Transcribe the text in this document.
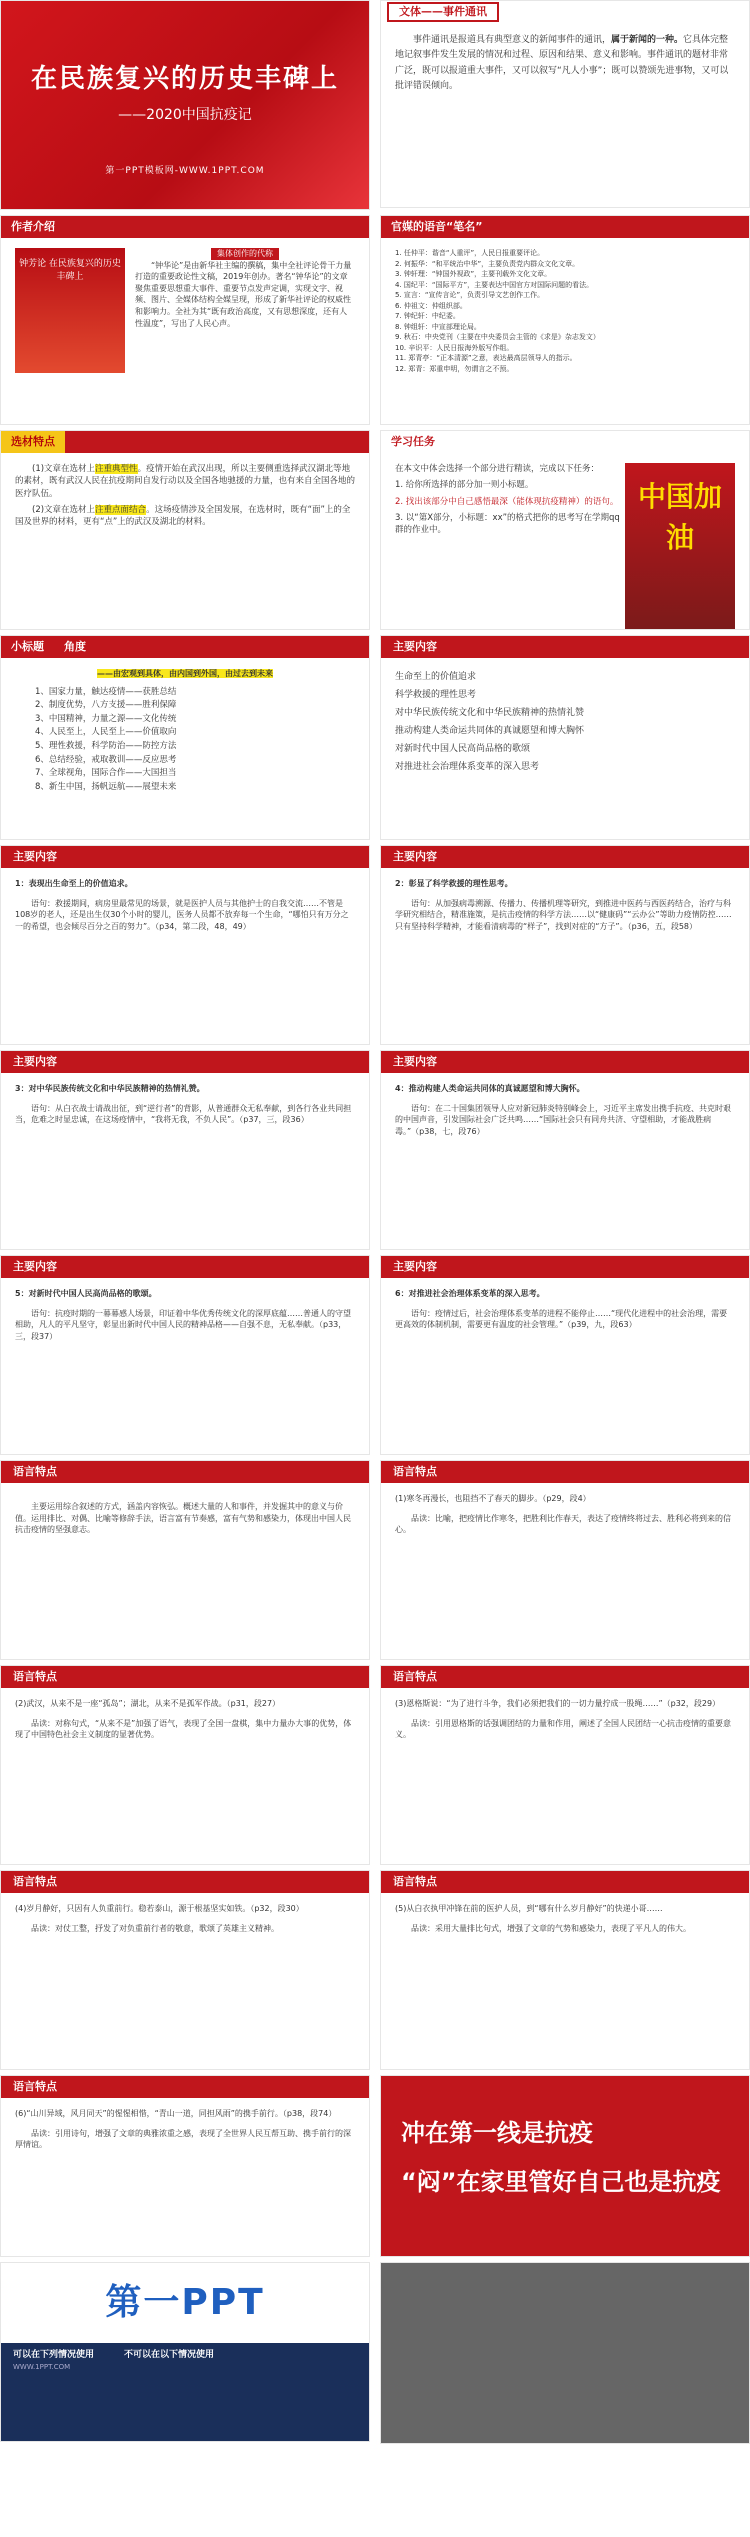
在民族复兴的历史丰碑上
——2020中国抗疫记
第一PPT模板网-WWW.1PPT.COM
文体——事件通讯

事件通讯是报道具有典型意义的新闻事件的通讯，属于新闻的一种。它具体完整地记叙事件发生发展的情况和过程、原因和结果、意义和影响。事件通讯的题材非常广泛，既可以报道重大事件，又可以叙写“凡人小事”；既可以赞颂先进事物，又可以批评错误倾向。

作者介绍
钟芳论 在民族复兴的历史丰碑上
集体创作的代称

“钟华论”是由新华社主编的撰稿，集中全社评论骨干力量打造的重要政论性文稿，2019年创办。著名“钟华论”的文章聚焦重要思想重大事件、重要节点发声定调，实现文字、视频、图片、全媒体结构全媒呈现，形成了新华社评论的权威性和影响力。全社为其“既有政治高度，又有思想深度，还有人性温度”，写出了人民心声。

官媒的语音“笔名”
1. 任仲平：谐音“人重评”，人民日报重要评论。
2. 何振华：“和平统治中华”，主要负责党内群众文化文章。
3. 钟轩理：“钟国外视政”，主要刊载外文化文章。
4. 国纪平：“国际平方”，主要表达中国官方对国际问题的看法。
5. 宣言：“宣传言论”，负责引导文艺创作工作。
6. 仲祖文：仲组织部。
7. 钟纪轩：中纪委。
8. 钟组轩：中宣部理论局。
9. 秋石：中央党刊（主要在中央委员会主管的《求是》杂志发文）
10. 辛识平：人民日报海外版写作组。
11. 郑青亭：“正本清源”之意，表达最高层领导人的指示。
12. 郑青：郑重申明，勿谓言之不预。
选材特点

(1)文章在选材上注重典型性。疫情开始在武汉出现，所以主要侧重选择武汉湖北等地的素材，既有武汉人民在抗疫期间自发行动以及全国各地驰援的力量，也有来自全国各地的医疗队伍。

(2)文章在选材上注重点面结合。这场疫情涉及全国发展，在选材时，既有“面”上的全国及世界的材料，更有“点”上的武汉及湖北的材料。

学习任务
中国加油
在本文中体会选择一个部分进行精读，完成以下任务：
1. 给你所选择的部分加一则小标题。
2. 找出该部分中自己感悟最深（能体现抗疫精神）的语句。
3. 以“第X部分，小标题：xx”的格式把你的思考写在学期qq群的作业中。
小标题	角度
——由宏观到具体，由内国到外国，由过去到未来
1、国家力量，触达疫情——获胜总结
2、制度优势，八方支援——胜利保障
3、中国精神，力量之源——文化传统
4、人民至上，人民至上——价值取向
5、理性救援，科学防治——防控方法
6、总结经验，戒取教训——反应思考
7、全球视角，国际合作——大国担当
8、新生中国，扬帆远航——展望未来
主要内容
生命至上的价值追求
科学救援的理性思考
对中华民族传统文化和中华民族精神的热情礼赞
推动构建人类命运共同体的真诚愿望和博大胸怀
对新时代中国人民高尚品格的歌颂
对推进社会治理体系变革的深入思考
主要内容
1：表现出生命至上的价值追求。

语句：救援期间，病房里最常见的场景，就是医护人员与其他护士的自我交流……不管是108岁的老人，还是出生仅30个小时的婴儿，医务人员都不放弃每一个生命，“哪怕只有万分之一的希望，也会倾尽百分之百的努力”。（p34，第二段，48，49）

主要内容
2：彰显了科学救援的理性思考。

语句：从加强病毒溯源、传播力、传播机理等研究，到推进中医药与西医药结合，治疗与科学研究相结合，精准施策，是抗击疫情的科学方法……以“健康码”“云办公”等助力疫情防控……只有坚持科学精神，才能看清病毒的“样子”，找到对症的“方子”。（p36，五，段58）

主要内容
3：对中华民族传统文化和中华民族精神的热情礼赞。

语句：从白衣战士请战出征，到“逆行者”的背影，从普通群众无私奉献，到各行各业共同担当，危难之时显忠诚，在这场疫情中，“我将无我，不负人民”。（p37，三，段36）

主要内容
4：推动构建人类命运共同体的真诚愿望和博大胸怀。

语句：在二十国集团领导人应对新冠肺炎特别峰会上，习近平主席发出携手抗疫、共克时艰的中国声音，引发国际社会广泛共鸣……“国际社会只有同舟共济、守望相助，才能战胜病毒。”（p38，七，段76）

主要内容
5：对新时代中国人民高尚品格的歌颂。

语句：抗疫时期的一幕幕感人场景，印证着中华优秀传统文化的深厚底蕴……普通人的守望相助，凡人的平凡坚守，彰显出新时代中国人民的精神品格——自强不息，无私奉献。（p33，三，段37）

主要内容
6：对推进社会治理体系变革的深入思考。

语句：疫情过后，社会治理体系变革的进程不能停止……“现代化进程中的社会治理，需要更高效的体制机制，需要更有温度的社会管理。”（p39，九，段63）

语言特点

主要运用综合叙述的方式，涵盖内容恢弘。概述大量的人和事件，并发掘其中的意义与价值。运用排比、对偶、比喻等修辞手法，语言富有节奏感，富有气势和感染力，体现出中国人民抗击疫情的坚强意志。

语言特点
(1)寒冬再漫长，也阻挡不了春天的脚步。（p29，段4）

品读：比喻，把疫情比作寒冬，把胜利比作春天，表达了疫情终将过去、胜利必将到来的信心。

语言特点
(2)武汉，从来不是一座“孤岛”；湖北，从来不是孤军作战。（p31，段27）

品读：对称句式，“从来不是”加强了语气，表现了全国一盘棋，集中力量办大事的优势，体现了中国特色社会主义制度的显著优势。

语言特点
(3)恩格斯说：“为了进行斗争，我们必须把我们的一切力量拧成一股绳……”（p32，段29）

品读：引用恩格斯的话强调团结的力量和作用，阐述了全国人民团结一心抗击疫情的重要意义。

语言特点
(4)岁月静好，只因有人负重前行。稳若泰山，源于根基坚实如铁。（p32，段30）

品读：对仗工整，抒发了对负重前行者的敬意，歌颂了英雄主义精神。

语言特点
(5)从白衣执甲冲锋在前的医护人员，到“哪有什么岁月静好”的快递小哥……

品读：采用大量排比句式，增强了文章的气势和感染力，表现了平凡人的伟大。

语言特点
(6)“山川异域，风月同天”的惺惺相惜，“青山一道，同担风雨”的携手前行。（p38，段74）

品读：引用诗句，增强了文章的典雅浓重之感，表现了全世界人民互帮互助、携手前行的深厚情谊。	冲在第一线是抗疫
“闷”在家里管好自己也是抗疫
第一PPT
可以在下列情况使用
WWW.1PPT.COM
不可以在以下情况使用
